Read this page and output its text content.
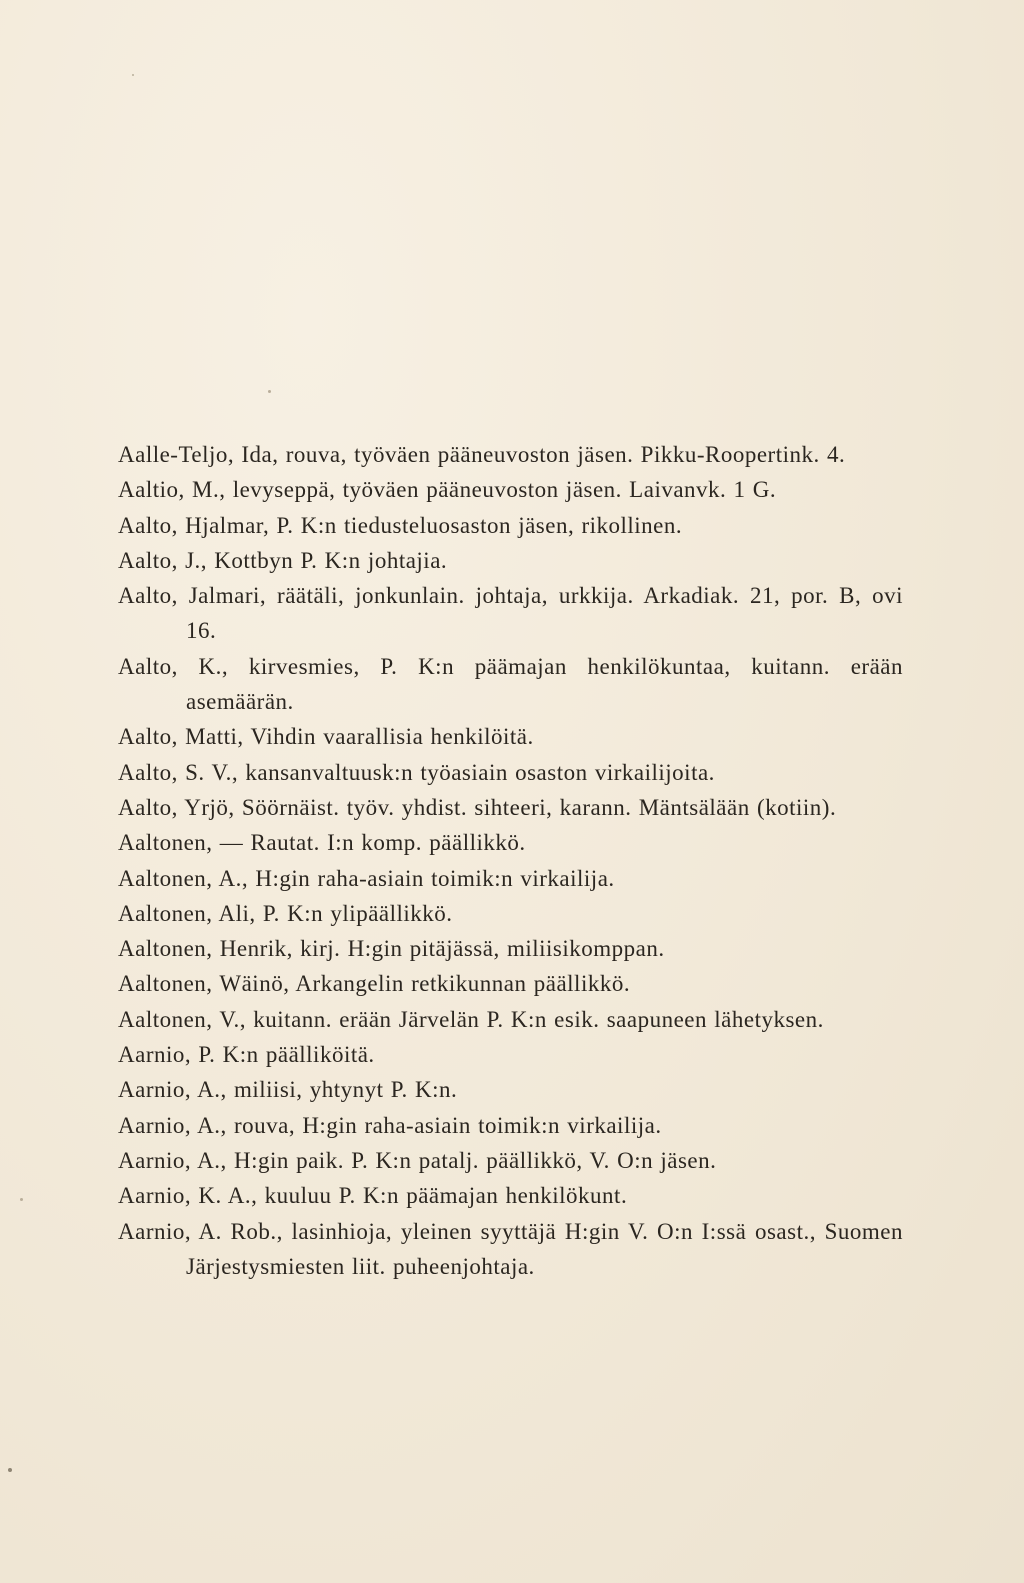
Aalle-Teljo, Ida, rouva, työväen pääneuvoston jäsen. Pikku-Roopertink. 4.

Aaltio, M., levyseppä, työväen pääneuvoston jäsen. Laivanvk. 1 G.

Aalto, Hjalmar, P. K:n tiedusteluosaston jäsen, rikollinen.

Aalto, J., Kottbyn P. K:n johtajia.

Aalto, Jalmari, räätäli, jonkunlain. johtaja, urkkija. Arkadiak. 21, por. B, ovi 16.

Aalto, K., kirvesmies, P. K:n päämajan henkilökuntaa, kuitann. erään asemäärän.

Aalto, Matti, Vihdin vaarallisia henkilöitä.

Aalto, S. V., kansanvaltuusk:n työasiain osaston virkailijoita.

Aalto, Yrjö, Söörnäist. työv. yhdist. sihteeri, karann. Mäntsälään (kotiin).

Aaltonen, — Rautat. I:n komp. päällikkö.

Aaltonen, A., H:gin raha-asiain toimik:n virkailija.

Aaltonen, Ali, P. K:n ylipäällikkö.

Aaltonen, Henrik, kirj. H:gin pitäjässä, miliisikomppan.

Aaltonen, Wäinö, Arkangelin retkikunnan päällikkö.

Aaltonen, V., kuitann. erään Järvelän P. K:n esik. saapuneen lähetyksen.

Aarnio, P. K:n päälliköitä.

Aarnio, A., miliisi, yhtynyt P. K:n.

Aarnio, A., rouva, H:gin raha-asiain toimik:n virkailija.

Aarnio, A., H:gin paik. P. K:n patalj. päällikkö, V. O:n jäsen.

Aarnio, K. A., kuuluu P. K:n päämajan henkilökunt.

Aarnio, A. Rob., lasinhioja, yleinen syyttäjä H:gin V. O:n I:ssä osast., Suomen Järjestysmiesten liit. puheenjohtaja.
